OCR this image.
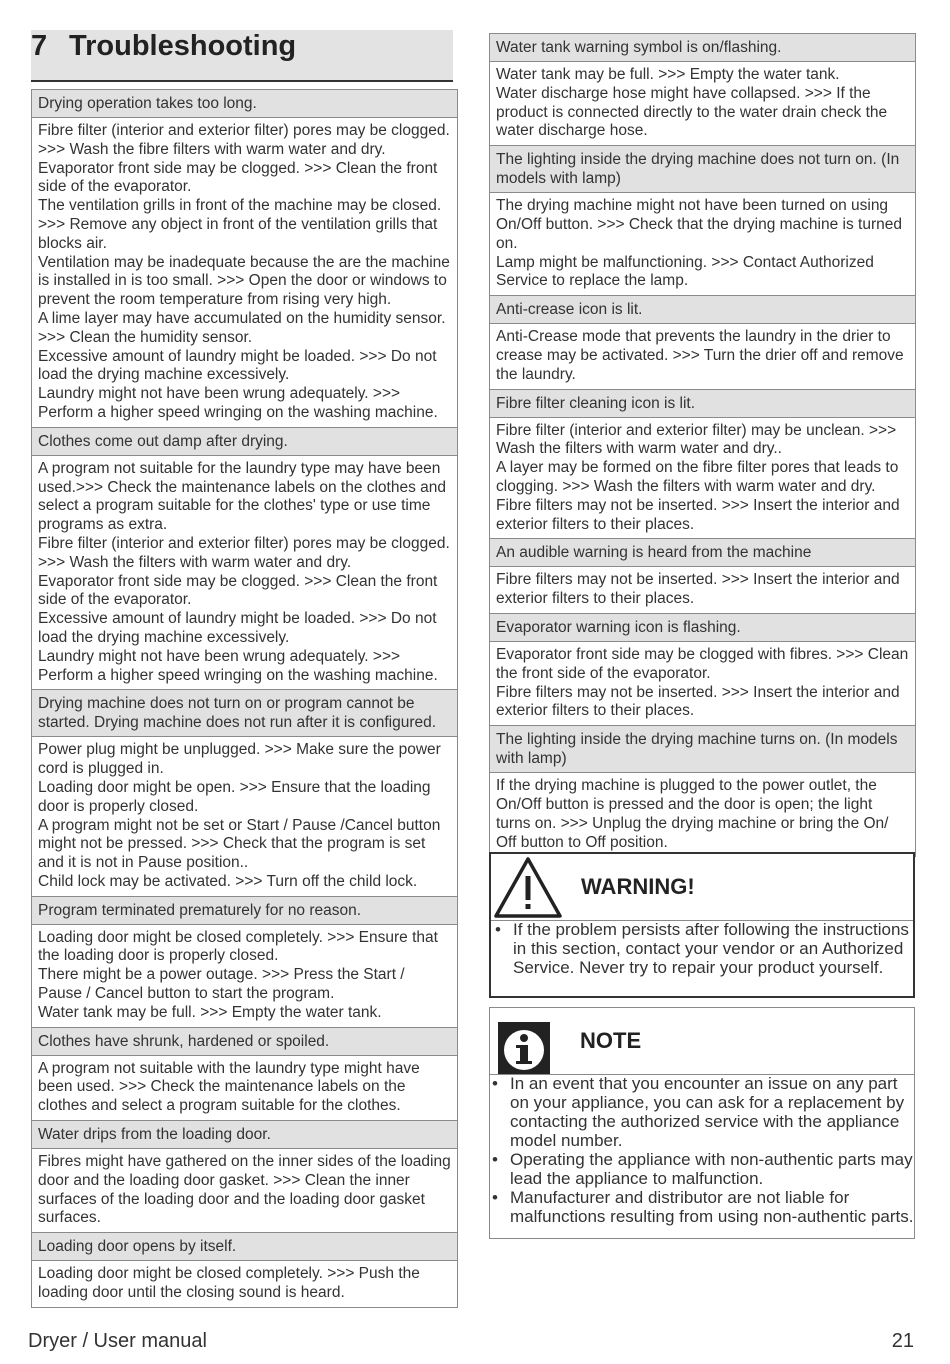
7 Troubleshooting
Drying operation takes too long.

Fibre filter (interior and exterior filter) pores may be clogged. >>> Wash the fibre filters with warm water and dry.

Evaporator front side may be clogged. >>> Clean the front side of the evaporator.

The ventilation grills in front of the machine may be closed. >>> Remove any object in front of the ventilation grills that blocks air.

Ventilation may be inadequate because the are the machine is installed in is too small. >>> Open the door or windows to prevent the room temperature from rising very high.

A lime layer may have accumulated on the humidity sensor. >>> Clean the humidity sensor.

Excessive amount of laundry might be loaded. >>> Do not load the drying machine excessively.

Laundry might not have been wrung adequately. >>> Perform a higher speed wringing on the washing machine.

Clothes come out damp after drying.

A program not suitable for the laundry type may have been used.>>> Check the maintenance labels on the clothes and select a program suitable for the clothes' type or use time programs as extra.

Fibre filter (interior and exterior filter) pores may be clogged. >>> Wash the filters with warm water and dry.

Evaporator front side may be clogged. >>> Clean the front side of the evaporator.

Excessive amount of laundry might be loaded. >>> Do not load the drying machine excessively.

Laundry might not have been wrung adequately. >>> Perform a higher speed wringing on the washing machine.

Drying machine does not turn on or program cannot be started. Drying machine does not run after it is configured.

Power plug might be unplugged. >>> Make sure the power cord is plugged in.

Loading door might be open. >>> Ensure that the loading door is properly closed.

A program might not be set or Start / Pause /Cancel button might not be pressed. >>> Check that the program is set and it is not in Pause position..

Child lock may be activated. >>> Turn off the child lock.

Program terminated prematurely for no reason.

Loading door might be closed completely. >>> Ensure that the loading door is properly closed.

There might be a power outage. >>> Press the Start / Pause / Cancel button to start the program.

Water tank may be full. >>> Empty the water tank.

Clothes have shrunk, hardened or spoiled.

A program not suitable with the laundry type might have been used. >>> Check the maintenance labels on the clothes and select a program suitable for the clothes.

Water drips from the loading door.

Fibres might have gathered on the inner sides of the loading door and the loading door gasket. >>> Clean the inner surfaces of the loading door and the loading door gasket surfaces.

Loading door opens by itself.

Loading door might be closed completely. >>> Push the loading door until the closing sound is heard.

Water tank warning symbol is on/flashing.

Water tank may be full. >>> Empty the water tank.

Water discharge hose might have collapsed. >>> If the product is connected directly to the water drain check the water discharge hose.

The lighting inside the drying machine does not turn on. (In models with lamp)

The drying machine might not have been turned on using On/Off button. >>> Check that the drying machine is turned on.

Lamp might be malfunctioning. >>> Contact Authorized Service to replace the lamp.

Anti-crease icon is lit.

Anti-Crease mode that prevents the laundry in the drier to crease may be activated. >>> Turn the drier off and remove the laundry.

Fibre filter cleaning icon is lit.

Fibre filter (interior and exterior filter) may be unclean. >>> Wash the filters with warm water and dry..

A layer may be formed on the fibre filter pores that leads to clogging. >>> Wash the filters with warm water and dry.

Fibre filters may not be inserted. >>> Insert the interior and exterior filters to their places.

An audible warning is heard from the machine

Fibre filters may not be inserted. >>> Insert the interior and exterior filters to their places.

Evaporator warning icon is flashing.

Evaporator front side may be clogged with fibres. >>> Clean the front side of the evaporator.

Fibre filters may not be inserted. >>> Insert the interior and exterior filters to their places.

The lighting inside the drying machine turns on. (In models with lamp)

If the drying machine is plugged to the power outlet, the On/Off button is pressed and the door is open; the light turns on. >>> Unplug the drying machine or bring the On/ Off button to Off position.

WARNING!
• If the problem persists after following the instructions in this section, contact your vendor or an Authorized Service. Never try to repair your product yourself.
NOTE
• In an event that you encounter an issue on any part on your appliance, you can ask for a replacement by contacting the authorized service with the appliance model number.
• Operating the appliance with non-authentic parts may lead the appliance to malfunction.
• Manufacturer and distributor are not liable for malfunctions resulting from using non-authentic parts.
Dryer / User manual	21
